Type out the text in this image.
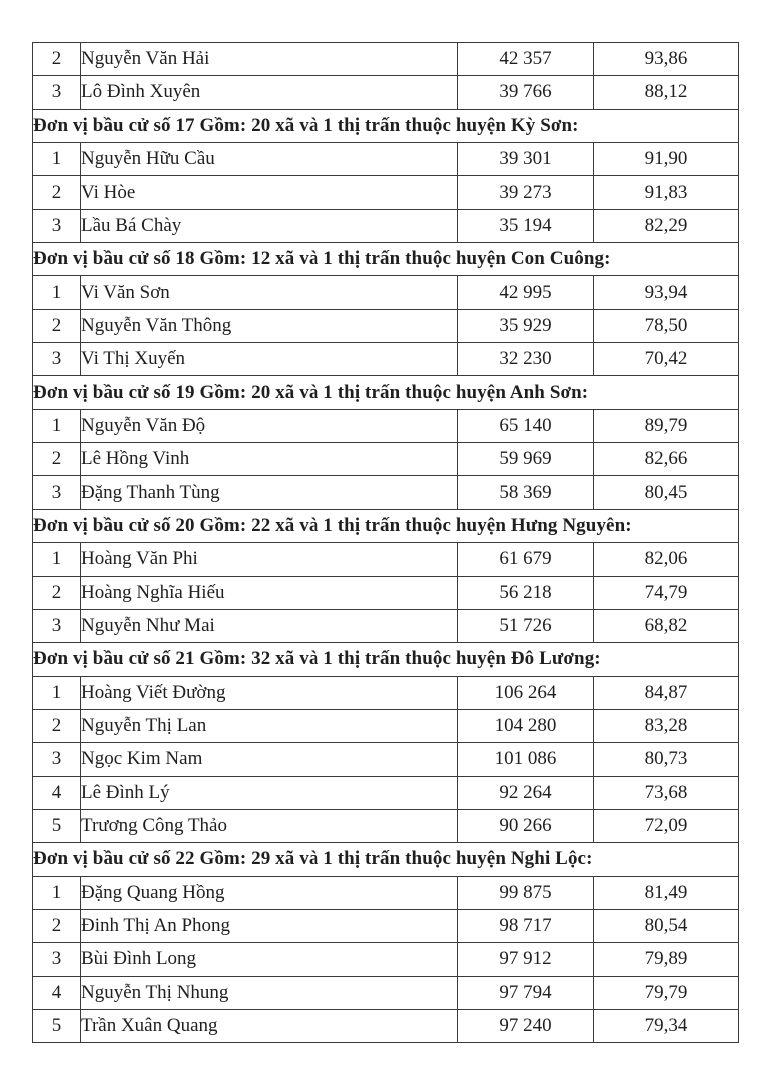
2	Nguyễn Văn Hải	42 357	93,86
3	Lô Đình Xuyên	39 766	88,12
Đơn vị bầu cử số 17 Gồm: 20 xã và 1 thị trấn thuộc huyện Kỳ Sơn:			
1	Nguyễn Hữu Cầu	39 301	91,90
2	Vi Hòe	39 273	91,83
3	Lầu Bá Chày	35 194	82,29
Đơn vị bầu cử số 18 Gồm: 12 xã và 1 thị trấn thuộc huyện Con Cuông:			
1	Vi Văn Sơn	42 995	93,94
2	Nguyễn Văn Thông	35 929	78,50
3	Vi Thị Xuyến	32 230	70,42
Đơn vị bầu cử số 19 Gồm: 20 xã và 1 thị trấn thuộc huyện Anh Sơn:			
1	Nguyễn Văn Độ	65 140	89,79
2	Lê Hồng Vinh	59 969	82,66
3	Đặng Thanh Tùng	58 369	80,45
Đơn vị bầu cử số 20 Gồm: 22 xã và 1 thị trấn thuộc huyện Hưng Nguyên:			
1	Hoàng Văn Phi	61 679	82,06
2	Hoàng Nghĩa Hiếu	56 218	74,79
3	Nguyễn Như Mai	51 726	68,82
Đơn vị bầu cử số 21 Gồm: 32 xã và 1 thị trấn thuộc huyện Đô Lương:			
1	Hoàng Viết Đường	106 264	84,87
2	Nguyễn Thị Lan	104 280	83,28
3	Ngọc Kim Nam	101 086	80,73
4	Lê Đình Lý	92 264	73,68
5	Trương Công Thảo	90 266	72,09
Đơn vị bầu cử số 22 Gồm: 29 xã và 1 thị trấn thuộc huyện Nghi Lộc:			
1	Đặng Quang Hồng	99 875	81,49
2	Đinh Thị An Phong	98 717	80,54
3	Bùi Đình Long	97 912	79,89
4	Nguyễn Thị Nhung	97 794	79,79
5	Trần Xuân Quang	97 240	79,34
